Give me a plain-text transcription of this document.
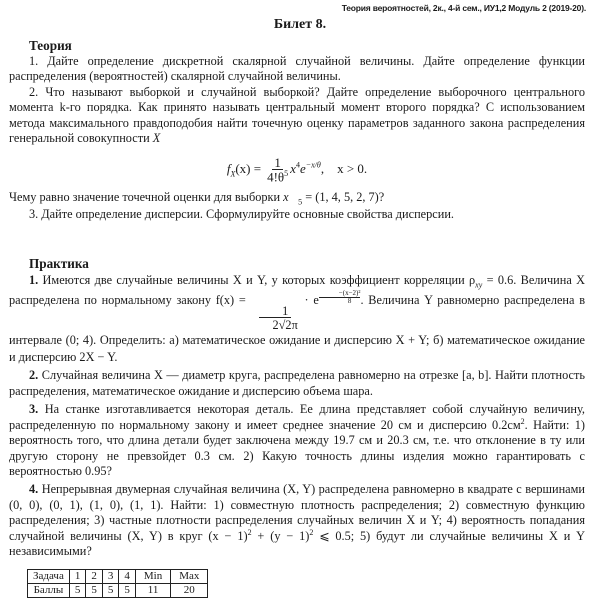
Теория вероятностей, 2к., 4-й сем., ИУ1,2 Модуль 2 (2019-20).
Билет 8.
Теория

1. Дайте определение дискретной скалярной случайной величины. Дайте определение функции распределения (вероятностей) скалярной случайной величины.

2. Что называют выборкой и случайной выборкой? Дайте определение выборочного центрального момента k-го порядка. Как принято называть центральный момент второго порядка? С использованием метода максимального правдоподобия найти точечную оценку параметров заданного закона распределения генеральной совокупности X

$f_X(x) = \frac{1}{4!\theta^5} x^4e^{-x/\theta}$,    x > 0.

Чему равно значение точечной оценки для выборки $x⃗_5 = (1$, 4, 5, 2, 7)?

3. Дайте определение дисперсии. Сформулируйте основные свойства дисперсии.

Практика

1. Имеются две случайные величины X и Y, у которых коэффициент корреляции $\rho_{xy} = 0.6$. Величина X распределена по нормальному закону f(x) =
$\frac{1}{2√2\pi}$
· e $\frac{\text{−(x−2)²}}{8}$ . Величина Y равномерно распределена в интервале (0; 4). Определить: а) математическое ожидание и дисперсию X + Y; б) математическое ожидание и дисперсию 2X − Y.

2. Случайная величина X — диаметр круга, распределена равномерно на отрезке [a, b]. Найти плотность распределения, математическое ожидание и дисперсию объема шара.

3. На станке изготавливается некоторая деталь. Ее длина представляет собой случайную величину, распределенную по нормальному закону и имеет среднее значение 20 см и дисперсию $0.2см^2$. Найти: 1) вероятность того, что длина детали будет заключена между 19.7 см и 20.3 см, т.е. что отклонение в ту или другую сторону не превзойдет 0.3 см. 2) Какую точность длины изделия можно гарантировать с вероятностью 0.95?

4. Непрерывная двумерная случайная величина (X, Y) распределена равномерно в квадрате с вершинами (0, 0), (0, 1), (1, 0), (1, 1). Найти: 1) совместную плотность распределения; 2) совместную функцию распределения; 3) частные плотности распределения случайных величин X и Y; 4) вероятность попадания случайной величины (X, Y) в круг $(x - 1)^2 + (y - 1)^2$ ⩽ 0.5; 5) будут ли случайные величины X и Y независимыми?

Задача	1	2	3	4	Min	Max
Баллы	5	5	5	5	11	20
